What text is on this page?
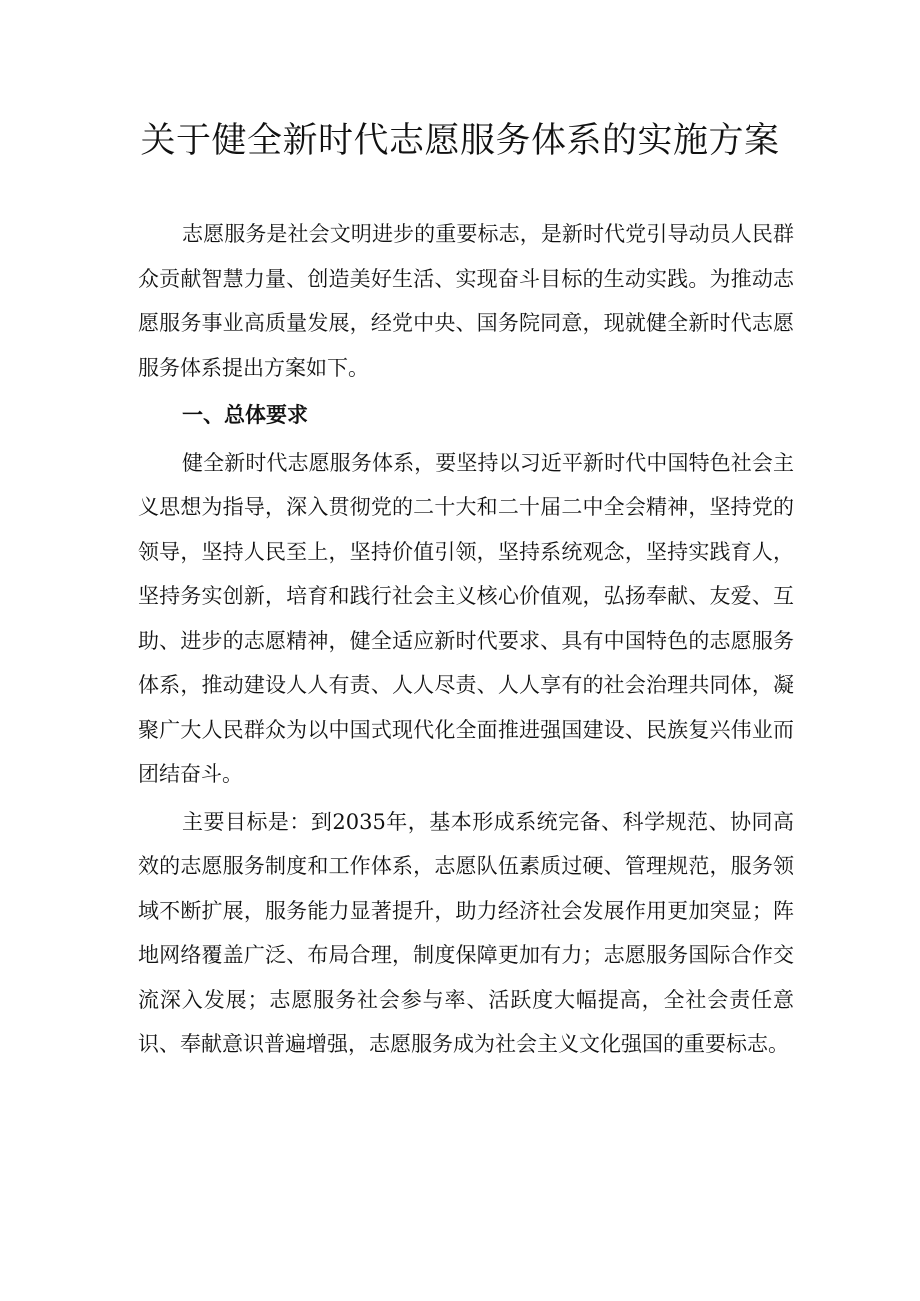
关于健全新时代志愿服务体系的实施方案

志愿服务是社会文明进步的重要标志，是新时代党引导动员人民群众贡献智慧力量、创造美好生活、实现奋斗目标的生动实践。为推动志愿服务事业高质量发展，经党中央、国务院同意，现就健全新时代志愿服务体系提出方案如下。

一、总体要求

健全新时代志愿服务体系，要坚持以习近平新时代中国特色社会主义思想为指导，深入贯彻党的二十大和二十届二中全会精神，坚持党的领导，坚持人民至上，坚持价值引领，坚持系统观念，坚持实践育人，坚持务实创新，培育和践行社会主义核心价值观，弘扬奉献、友爱、互助、进步的志愿精神，健全适应新时代要求、具有中国特色的志愿服务体系，推动建设人人有责、人人尽责、人人享有的社会治理共同体，凝聚广大人民群众为以中国式现代化全面推进强国建设、民族复兴伟业而团结奋斗。

主要目标是：到2035年，基本形成系统完备、科学规范、协同高效的志愿服务制度和工作体系，志愿队伍素质过硬、管理规范，服务领域不断扩展，服务能力显著提升，助力经济社会发展作用更加突显；阵地网络覆盖广泛、布局合理，制度保障更加有力；志愿服务国际合作交流深入发展；志愿服务社会参与率、活跃度大幅提高，全社会责任意识、奉献意识普遍增强，志愿服务成为社会主义文化强国的重要标志。
